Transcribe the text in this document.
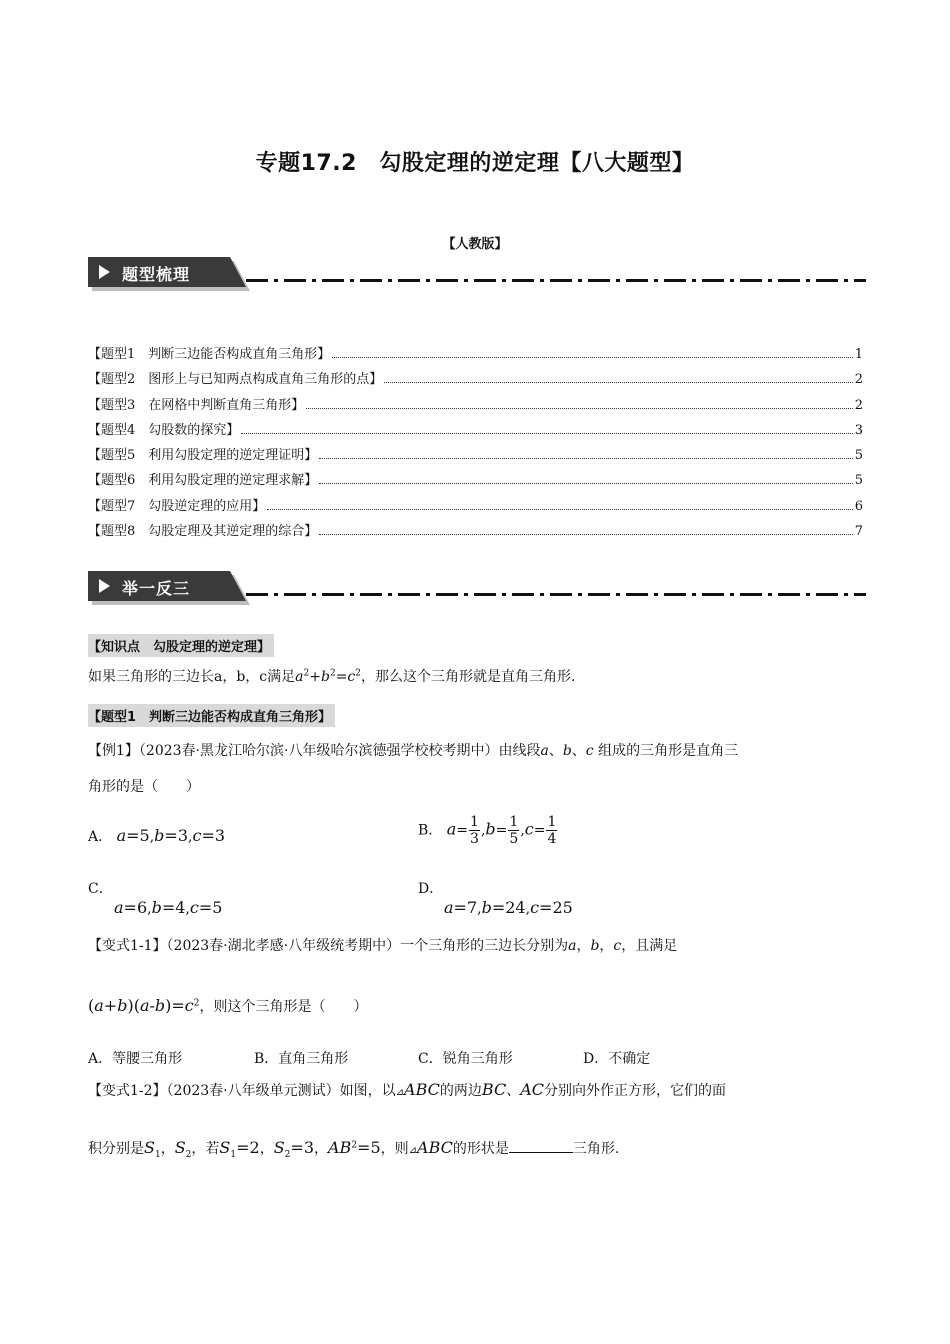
专题17.2　勾股定理的逆定理【八大题型】
【人教版】
题型梳理
【题型1　判断三边能否构成直角三角形】	1
【题型2　图形上与已知两点构成直角三角形的点】	2
【题型3　在网格中判断直角三角形】	2
【题型4　勾股数的探究】	3
【题型5　利用勾股定理的逆定理证明】	5
【题型6　利用勾股定理的逆定理求解】	5
【题型7　勾股逆定理的应用】	6
【题型8　勾股定理及其逆定理的综合】	7
举一反三
【知识点　勾股定理的逆定理】
如果三角形的三边长a，b，c满足$a^2+b^2=c^2$，那么这个三角形就是直角三角形.
【题型1　判断三边能否构成直角三角形】
【例1】（2023春·黑龙江哈尔滨·八年级哈尔滨德强学校校考期中）由线段a、b、c 组成的三角形是直角三
角形的是（　　）
A． a=5,b=3,c=3	B． $a= \frac{1}{3} ,b= \frac{1}{5} ,c= \frac{1}{4}$
C．
a=6,b=4,c=5
D．
a=7,b=24,c=25
【变式1-1】（2023春·湖北孝感·八年级统考期中）一个三角形的三边长分别为a，b，c，且满足
$(a+b)(a-b)=c^2$，则这个三角形是（　　）
A．等腰三角形	B．直角三角形	C．锐角三角形	D．不确定
【变式1-2】（2023春·八年级单元测试）如图，以⊿ABC的两边BC、AC分别向外作正方形，它们的面
积分别是$S_1$，$S_2$，若$S_1=2$，$S_2=3$，$AB^2=5$，则⊿ABC的形状是	三角形.
